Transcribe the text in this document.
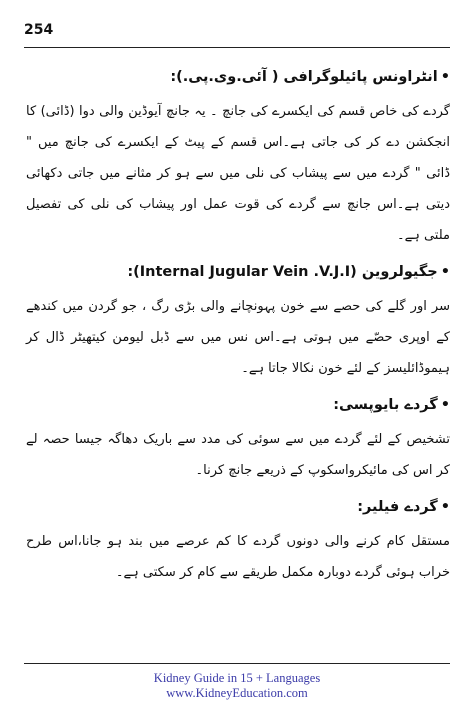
254
•انٹراونس پائیلوگرافی ( آئی.وی.پی.):

گردے کی خاص قسم کی ایکسرے کی جانچ ۔ یہ جانچ آیوڈین والی دوا (ڈائی) کا انجکشن دے کر کی جاتی ہے۔اس قسم کے پیٹ کے ایکسرے کی جانچ میں " ڈائی " گردے میں سے پیشاب کی نلی میں سے ہو کر مثانے میں جاتی دکھائی دیتی ہے۔اس جانچ سے گردے کی قوت عمل اور پیشاب کی نلی کی تفصیل ملتی ہے۔

•جگیولروین (Internal Jugular Vein .V.J.I):

سر اور گلے کی حصے سے خون پہونچانے والی بڑی رگ ، جو گردن میں کندھے کے اوپری حصّے میں ہوتی ہے۔اس نس میں سے ڈبل لیومن کیتھیٹر ڈال کر ہیموڈائلیسز کے لئے خون نکالا جاتا ہے۔

•گردے بایوپسی:

تشخیص کے لئے گردے میں سے سوئی کی مدد سے باریک دھاگہ جیسا حصہ لے کر اس کی مائیکرواسکوپ کے ذریعے جانچ کرنا۔

•گردے فیلیر:

مستقل کام کرنے والی دونوں گردے کا کم عرصے میں بند ہو جانا،اس طرح خراب ہوئی گردے دوبارہ مکمل طریقے سے کام کر سکتی ہے۔

Kidney Guide in 15 + Languages
www.KidneyEducation.com
